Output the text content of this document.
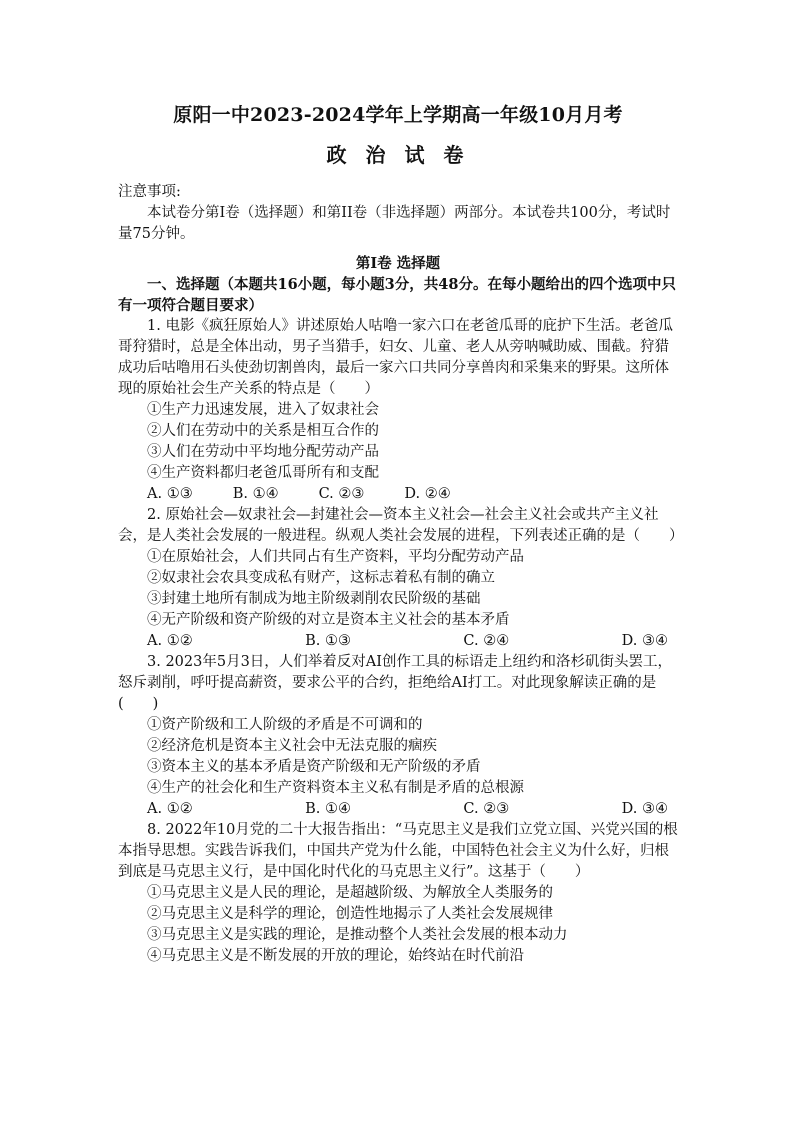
原阳一中2023-2024学年上学期高一年级10月月考
政 治 试 卷

注意事项:

本试卷分第I卷（选择题）和第II卷（非选择题）两部分。本试卷共100分，考试时量75分钟。

第I卷 选择题

一、选择题（本题共16小题，每小题3分，共48分。在每小题给出的四个选项中只有一项符合题目要求）

1. 电影《疯狂原始人》讲述原始人咕噜一家六口在老爸瓜哥的庇护下生活。老爸瓜哥狩猎时，总是全体出动，男子当猎手，妇女、儿童、老人从旁呐喊助威、围截。狩猎成功后咕噜用石头使劲切割兽肉，最后一家六口共同分享兽肉和采集来的野果。这所体现的原始社会生产关系的特点是（　　）

①生产力迅速发展，进入了奴隶社会

②人们在劳动中的关系是相互合作的

③人们在劳动中平均地分配劳动产品

④生产资料都归老爸瓜哥所有和支配

A. ①③	B. ①④	C. ②③	D. ②④

2. 原始社会—奴隶社会—封建社会—资本主义社会—社会主义社会或共产主义社会，是人类社会发展的一般进程。纵观人类社会发展的进程，下列表述正确的是（　　）

①在原始社会，人们共同占有生产资料，平均分配劳动产品

②奴隶社会农具变成私有财产，这标志着私有制的确立

③封建土地所有制成为地主阶级剥削农民阶级的基础

④无产阶级和资产阶级的对立是资本主义社会的基本矛盾

A. ①②	B. ①③	C. ②④	D. ③④

3. 2023年5月3日，人们举着反对AI创作工具的标语走上纽约和洛杉矶街头罢工，怒斥剥削，呼吁提高薪资，要求公平的合约，拒绝给AI打工。对此现象解读正确的是(　　)

①资产阶级和工人阶级的矛盾是不可调和的

②经济危机是资本主义社会中无法克服的痼疾

③资本主义的基本矛盾是资产阶级和无产阶级的矛盾

④生产的社会化和生产资料资本主义私有制是矛盾的总根源

A. ①②	B. ①④	C. ②③	D. ③④

8. 2022年10月党的二十大报告指出：“马克思主义是我们立党立国、兴党兴国的根本指导思想。实践告诉我们，中国共产党为什么能，中国特色社会主义为什么好，归根到底是马克思主义行，是中国化时代化的马克思主义行”。这基于（　　）

①马克思主义是人民的理论，是超越阶级、为解放全人类服务的

②马克思主义是科学的理论，创造性地揭示了人类社会发展规律

③马克思主义是实践的理论，是推动整个人类社会发展的根本动力

④马克思主义是不断发展的开放的理论，始终站在时代前沿
